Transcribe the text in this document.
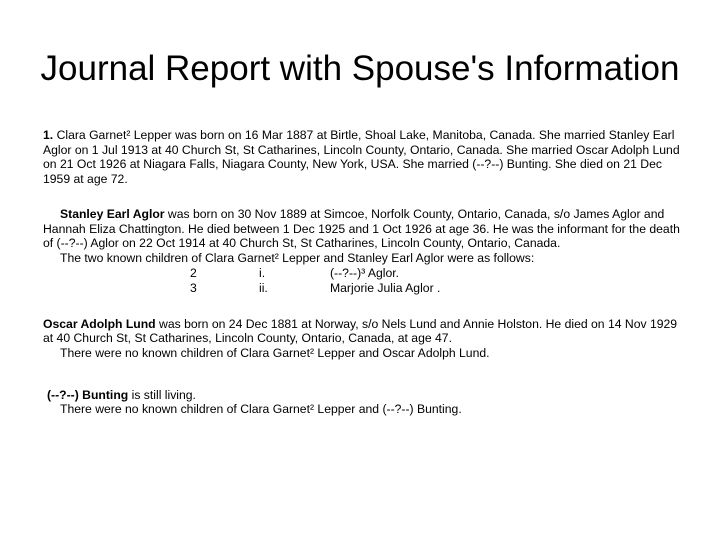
Journal Report with Spouse's Information

1. Clara Garnet² Lepper was born on 16 Mar 1887 at Birtle, Shoal Lake, Manitoba, Canada. She married Stanley Earl Aglor on 1 Jul 1913 at 40 Church St, St Catharines, Lincoln County, Ontario, Canada. She married Oscar Adolph Lund on 21 Oct 1926 at Niagara Falls, Niagara County, New York, USA. She married (--?--) Bunting. She died on 21 Dec 1959 at age 72.

Stanley Earl Aglor was born on 30 Nov 1889 at Simcoe, Norfolk County, Ontario, Canada, s/o James Aglor and Hannah Eliza Chattington. He died between 1 Dec 1925 and 1 Oct 1926 at age 36. He was the informant for the death of (--?--) Aglor on 22 Oct 1914 at 40 Church St, St Catharines, Lincoln County, Ontario, Canada.

The two known children of Clara Garnet² Lepper and Stanley Earl Aglor were as follows:

2	i.	(--?--)³ Aglor.
3	ii.	Marjorie Julia Aglor .

Oscar Adolph Lund was born on 24 Dec 1881 at Norway, s/o Nels Lund and Annie Holston. He died on 14 Nov 1929 at 40 Church St, St Catharines, Lincoln County, Ontario, Canada, at age 47.

There were no known children of Clara Garnet² Lepper and Oscar Adolph Lund.

(--?--) Bunting is still living.

There were no known children of Clara Garnet² Lepper and (--?--) Bunting.
